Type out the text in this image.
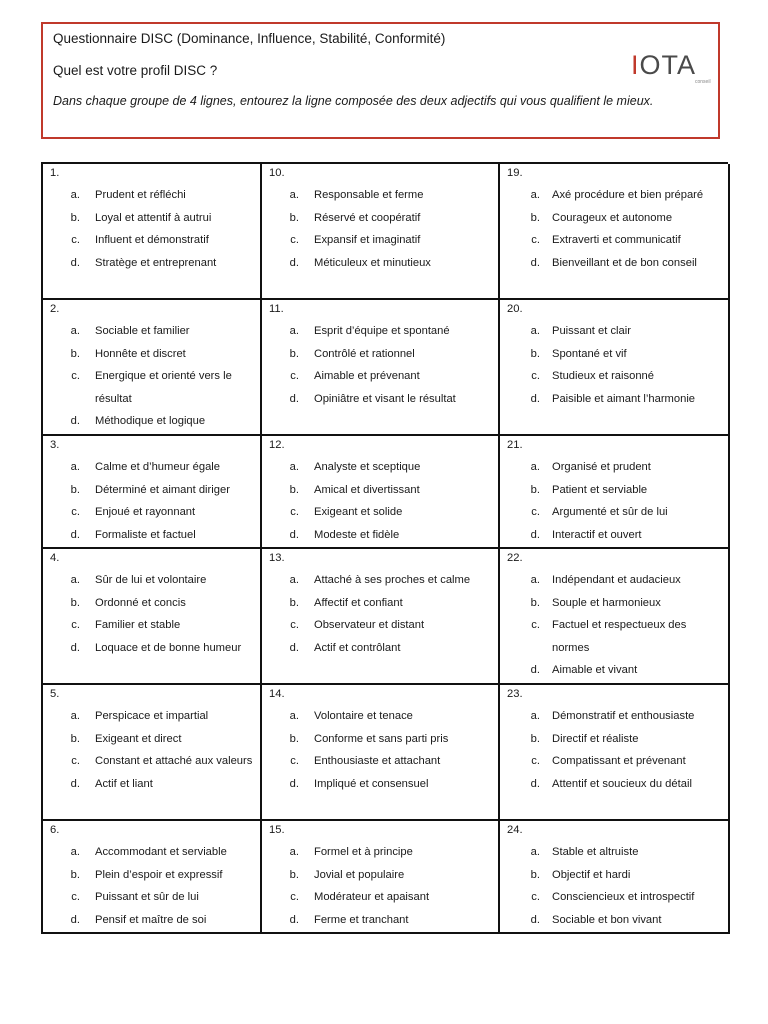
Questionnaire DISC (Dominance, Influence, Stabilité, Conformité)
Quel est votre profil DISC ?
Dans chaque groupe de 4 lignes, entourez la ligne composée des deux adjectifs qui vous qualifient le mieux.
IOTA
conseil
1.
a.	Prudent et réfléchi
b.	Loyal et attentif à autrui
c.	Influent et démonstratif
d.	Stratège et entreprenant
10.
a.	Responsable et ferme
b.	Réservé et coopératif
c.	Expansif et imaginatif
d.	Méticuleux et minutieux
19.
a.	Axé procédure et bien préparé
b.	Courageux et autonome
c.	Extraverti et communicatif
d.	Bienveillant et de bon conseil
2.
a.	Sociable et familier
b.	Honnête et discret
c.	Energique et orienté vers le résultat
d.	Méthodique et logique
11.
a.	Esprit d’équipe et spontané
b.	Contrôlé et rationnel
c.	Aimable et prévenant
d.	Opiniâtre et visant le résultat
20.
a.	Puissant et clair
b.	Spontané et vif
c.	Studieux et raisonné
d.	Paisible et aimant l’harmonie
3.
a.	Calme et d’humeur égale
b.	Déterminé et aimant diriger
c.	Enjoué et rayonnant
d.	Formaliste et factuel
12.
a.	Analyste et sceptique
b.	Amical et divertissant
c.	Exigeant et solide
d.	Modeste et fidèle
21.
a.	Organisé et prudent
b.	Patient et serviable
c.	Argumenté et sûr de lui
d.	Interactif et ouvert
4.
a.	Sûr de lui et volontaire
b.	Ordonné et concis
c.	Familier et stable
d.	Loquace et de bonne humeur
13.
a.	Attaché à ses proches et calme
b.	Affectif et confiant
c.	Observateur et distant
d.	Actif et contrôlant
22.
a.	Indépendant et audacieux
b.	Souple et harmonieux
c.	Factuel et respectueux des normes
d.	Aimable et vivant
5.
a.	Perspicace et impartial
b.	Exigeant et direct
c.	Constant et attaché aux valeurs
d.	Actif et liant
14.
a.	Volontaire et tenace
b.	Conforme et sans parti pris
c.	Enthousiaste et attachant
d.	Impliqué et consensuel
23.
a.	Démonstratif et enthousiaste
b.	Directif et réaliste
c.	Compatissant et prévenant
d.	Attentif et soucieux du détail
6.
a.	Accommodant et serviable
b.	Plein d’espoir et expressif
c.	Puissant et sûr de lui
d.	Pensif et maître de soi
15.
a.	Formel et à principe
b.	Jovial et populaire
c.	Modérateur et apaisant
d.	Ferme et tranchant
24.
a.	Stable et altruiste
b.	Objectif et hardi
c.	Consciencieux et introspectif
d.	Sociable et bon vivant
